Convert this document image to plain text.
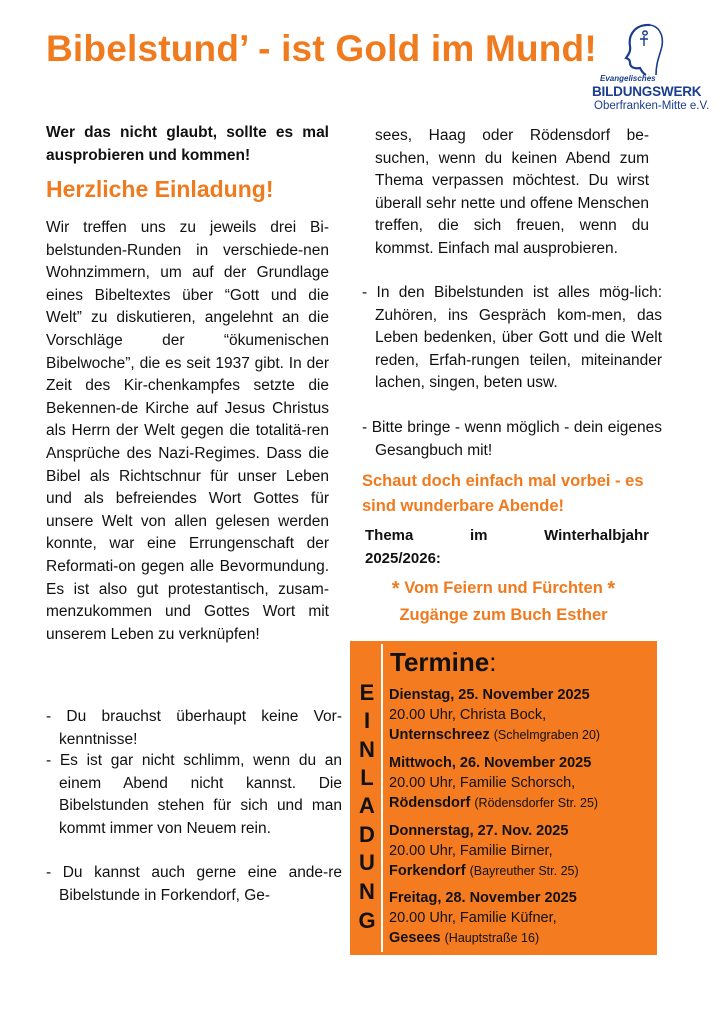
Bibelstund’ - ist Gold im Mund!
Evangelisches
BILDUNGSWERK
Oberfranken-Mitte e.V.
Wer das nicht glaubt, sollte es mal ausprobieren und kommen!
Herzliche Einladung!
Wir treffen uns zu jeweils drei Bi-belstunden-Runden in verschiede-nen Wohnzimmern, um auf der Grundlage eines Bibeltextes über “Gott und die Welt” zu diskutieren, angelehnt an die Vorschläge der “ökumenischen Bibelwoche”, die es seit 1937 gibt. In der Zeit des Kir-chenkampfes setzte die Bekennen-de Kirche auf Jesus Christus als Herrn der Welt gegen die totalitä-ren Ansprüche des Nazi-Regimes. Dass die Bibel als Richtschnur für unser Leben und als befreiendes Wort Gottes für unsere Welt von allen gelesen werden konnte, war eine Errungenschaft der Reformati-on gegen alle Bevormundung. Es ist also gut protestantisch, zusam-menzukommen und Gottes Wort mit unserem Leben zu verknüpfen!
- Du brauchst überhaupt keine Vor-kenntnisse!
- Es ist gar nicht schlimm, wenn du an einem Abend nicht kannst. Die Bibelstunden stehen für sich und man kommt immer von Neuem rein.
- Du kannst auch gerne eine ande-re Bibelstunde in Forkendorf, Ge-
sees, Haag oder Rödensdorf be-suchen, wenn du keinen Abend zum Thema verpassen möchtest. Du wirst überall sehr nette und offene Menschen treffen, die sich freuen, wenn du kommst. Einfach mal ausprobieren.
- In den Bibelstunden ist alles mög-lich: Zuhören, ins Gespräch kom-men, das Leben bedenken, über Gott und die Welt reden, Erfah-rungen teilen, miteinander lachen, singen, beten usw.
- Bitte bringe - wenn möglich - dein eigenes Gesangbuch mit!
Schaut doch einfach mal vorbei - es sind wunderbare Abende!
Thema	im	Winterhalbjahr
2025/2026:
* Vom Feiern und Fürchten *
Zugänge zum Buch Esther
E
I
N
L
A
D
U
N
G
Termine:
Dienstag, 25. November 2025
20.00 Uhr, Christa Bock,
Unternschreez (Schelmgraben 20)
Mittwoch, 26. November 2025
20.00 Uhr, Familie Schorsch,
Rödensdorf (Rödensdorfer Str. 25)
Donnerstag, 27. Nov. 2025
20.00 Uhr, Familie Birner,
Forkendorf (Bayreuther Str. 25)
Freitag, 28. November 2025
20.00 Uhr, Familie Küfner,
Gesees (Hauptstraße 16)
